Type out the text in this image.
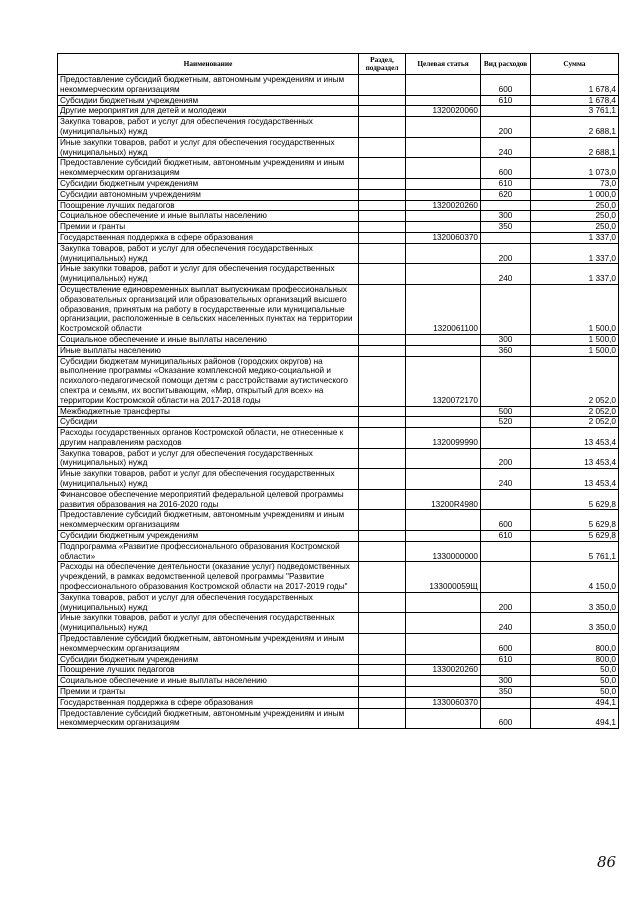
Наименование	Раздел, подраздел	Целевая статья	Вид расходов	Сумма
Предоставление субсидий бюджетным, автономным учреждениям и иным некоммерческим организациям			600	1 678,4
Субсидии бюджетным учреждениям			610	1 678,4
Другие мероприятия для детей и молодежи		1320020060		3 761,1
Закупка товаров, работ и услуг для обеспечения государственных (муниципальных) нужд			200	2 688,1
Иные закупки товаров, работ и услуг для обеспечения государственных (муниципальных) нужд			240	2 688,1
Предоставление субсидий бюджетным, автономным учреждениям и иным некоммерческим организациям			600	1 073,0
Субсидии бюджетным учреждениям			610	73,0
Субсидии автономным учреждениям			620	1 000,0
Поощрение лучших педагогов		1320020260		250,0
Социальное обеспечение и иные выплаты населению			300	250,0
Премии и гранты			350	250,0
Государственная поддержка в сфере образования		1320060370		1 337,0
Закупка товаров, работ и услуг для обеспечения государственных (муниципальных) нужд			200	1 337,0
Иные закупки товаров, работ и услуг для обеспечения государственных (муниципальных) нужд			240	1 337,0
Осуществление единовременных выплат выпускникам профессиональных образовательных организаций или образовательных организаций высшего образования, принятым на работу в государственные или муниципальные организации, расположенные в сельских населенных пунктах на территории Костромской области		1320061100		1 500,0
Социальное обеспечение и иные выплаты населению			300	1 500,0
Иные выплаты населению			360	1 500,0
Субсидии бюджетам муниципальных районов (городских округов) на выполнение программы «Оказание комплексной медико-социальной и психолого-педагогической помощи детям с расстройствами аутистического спектра и семьям, их воспитывающим, «Мир, открытый для всех» на территории Костромской области на 2017-2018 годы		1320072170		2 052,0
Межбюджетные трансферты			500	2 052,0
Субсидии			520	2 052,0
Расходы государственных органов Костромской области, не отнесенные к другим направлениям расходов		1320099990		13 453,4
Закупка товаров, работ и услуг для обеспечения государственных (муниципальных) нужд			200	13 453,4
Иные закупки товаров, работ и услуг для обеспечения государственных (муниципальных) нужд			240	13 453,4
Финансовое обеспечение мероприятий федеральной целевой программы развития образования на 2016-2020 годы		13200R4980		5 629,8
Предоставление субсидий бюджетным, автономным учреждениям и иным некоммерческим организациям			600	5 629,8
Субсидии бюджетным учреждениям			610	5 629,8
Подпрограмма «Развитие профессионального образования Костромской области»		1330000000		5 761,1
Расходы на обеспечение деятельности (оказание услуг) подведомственных учреждений, в рамках ведомственной целевой программы "Развитие профессионального образования Костромской области на 2017-2019 годы"		133000059Щ		4 150,0
Закупка товаров, работ и услуг для обеспечения государственных (муниципальных) нужд			200	3 350,0
Иные закупки товаров, работ и услуг для обеспечения государственных (муниципальных) нужд			240	3 350,0
Предоставление субсидий бюджетным, автономным учреждениям и иным некоммерческим организациям			600	800,0
Субсидии бюджетным учреждениям			610	800,0
Поощрение лучших педагогов		1330020260		50,0
Социальное обеспечение и иные выплаты населению			300	50,0
Премии и гранты			350	50,0
Государственная поддержка в сфере образования		1330060370		494,1
Предоставление субсидий бюджетным, автономным учреждениям и иным некоммерческим организациям			600	494,1
86
